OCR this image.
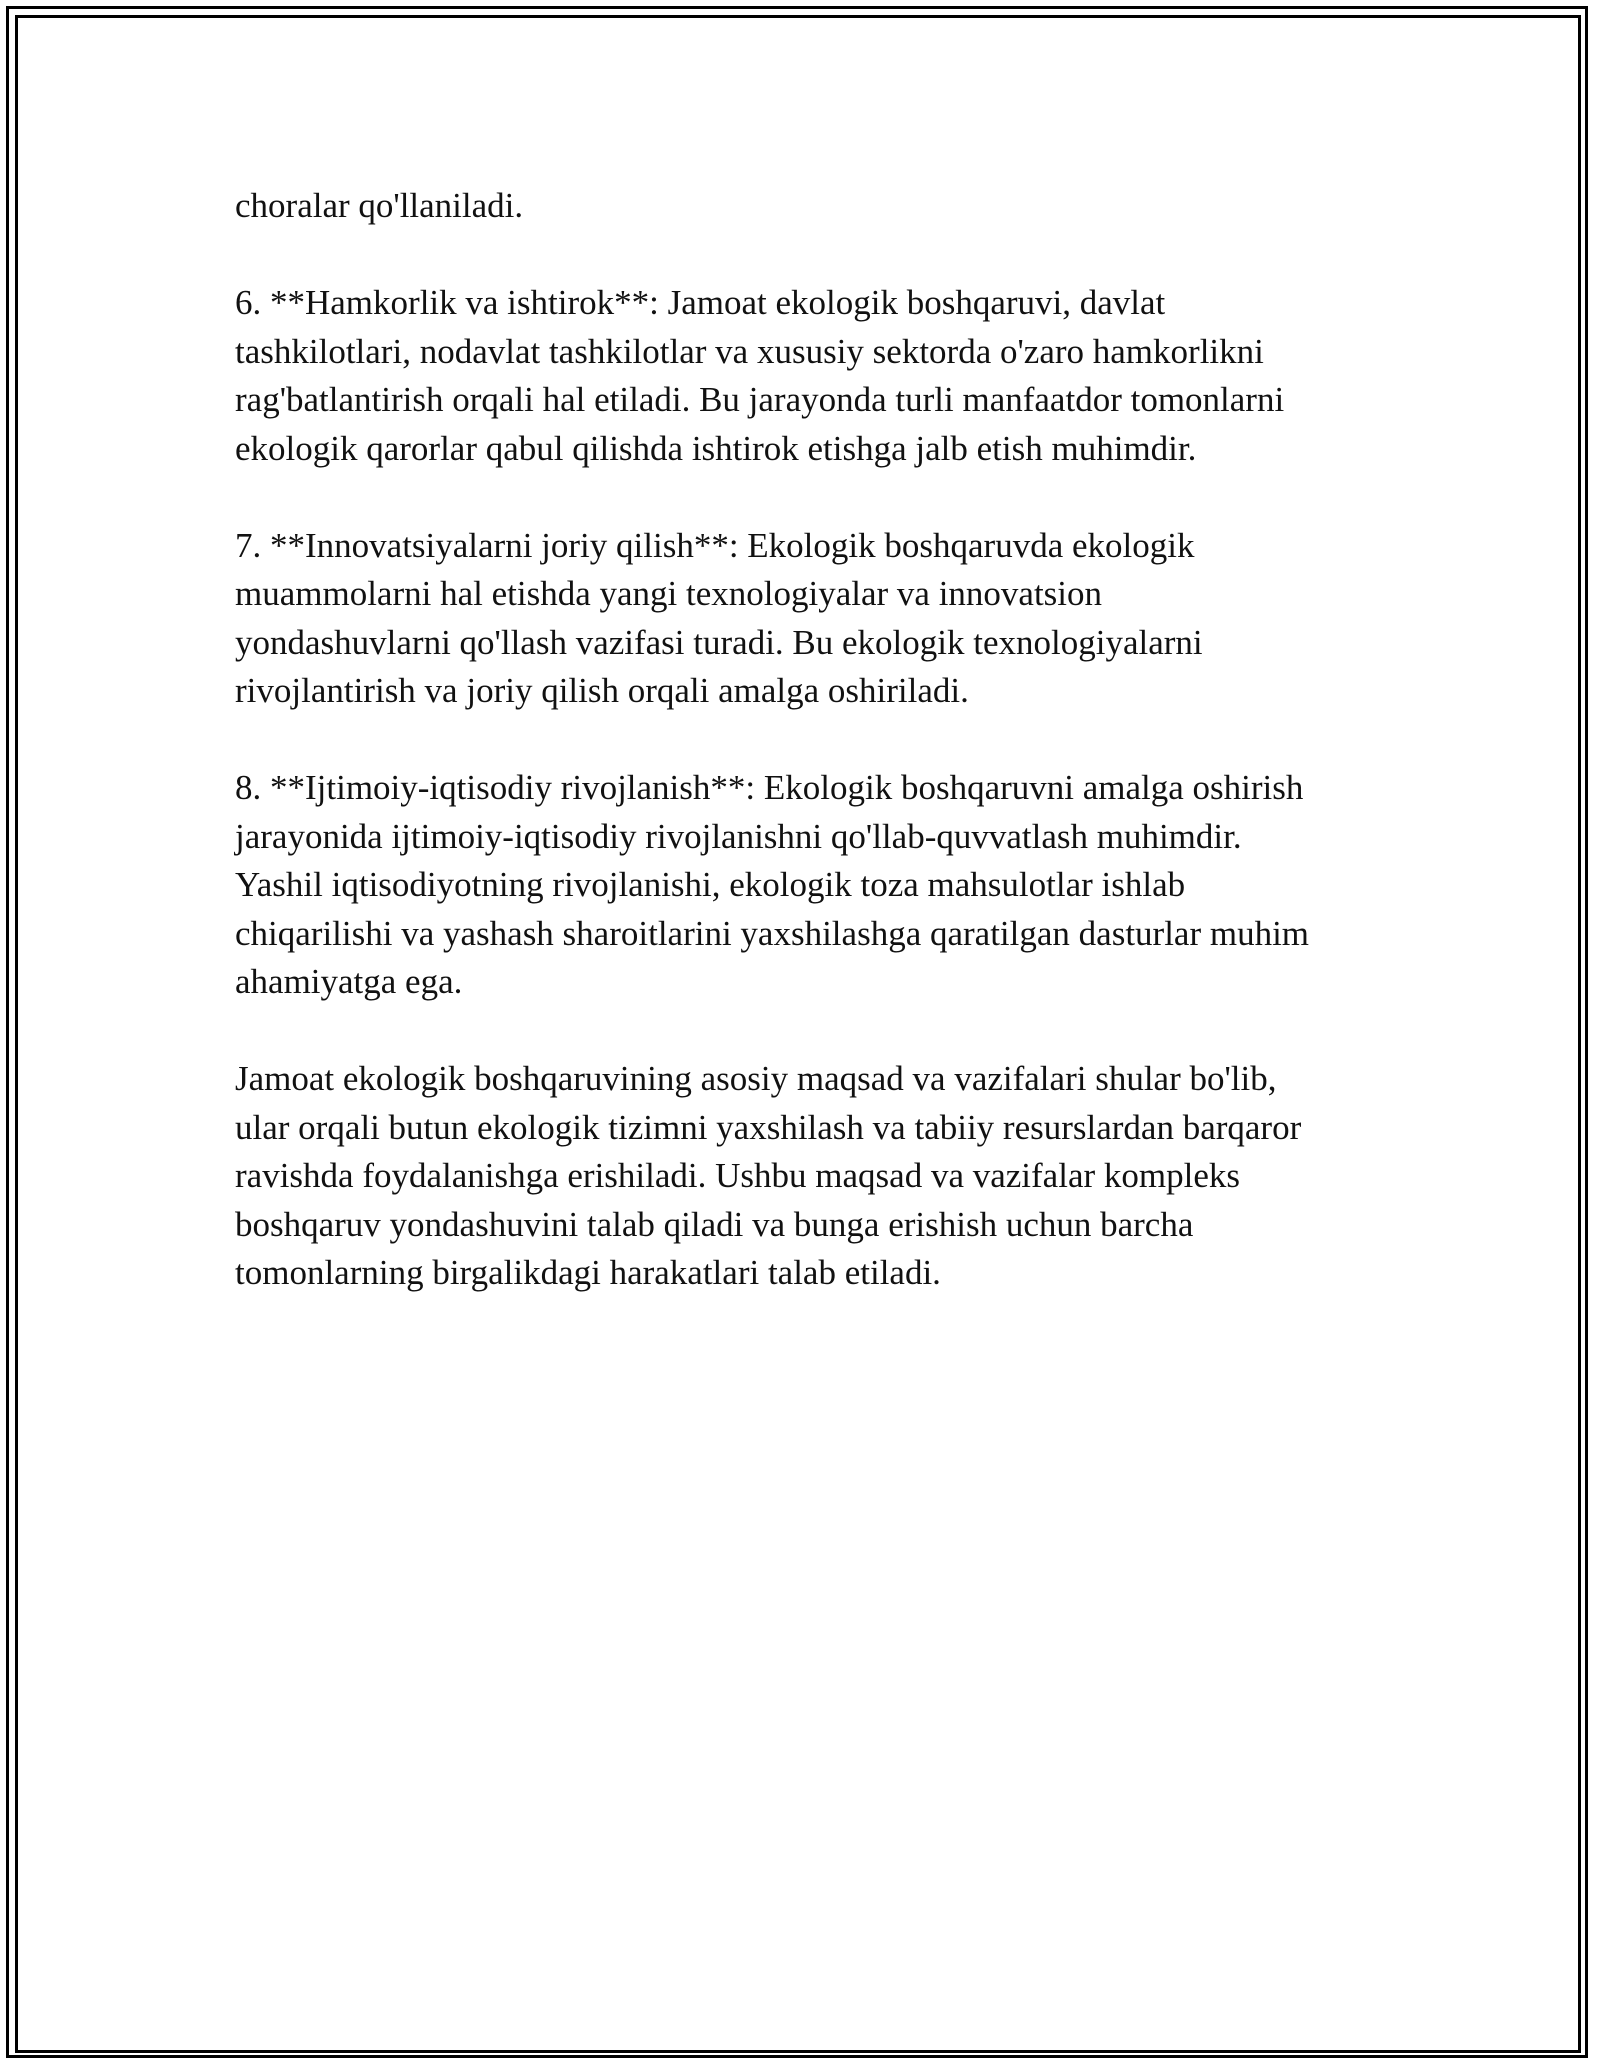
choralar qo'llaniladi.

6. **Hamkorlik va ishtirok**: Jamoat ekologik boshqaruvi, davlat
tashkilotlari, nodavlat tashkilotlar va xususiy sektorda o'zaro hamkorlikni
rag'batlantirish orqali hal etiladi. Bu jarayonda turli manfaatdor tomonlarni
ekologik qarorlar qabul qilishda ishtirok etishga jalb etish muhimdir.

7. **Innovatsiyalarni joriy qilish**: Ekologik boshqaruvda ekologik
muammolarni hal etishda yangi texnologiyalar va innovatsion
yondashuvlarni qo'llash vazifasi turadi. Bu ekologik texnologiyalarni
rivojlantirish va joriy qilish orqali amalga oshiriladi.

8. **Ijtimoiy-iqtisodiy rivojlanish**: Ekologik boshqaruvni amalga oshirish
jarayonida ijtimoiy-iqtisodiy rivojlanishni qo'llab-quvvatlash muhimdir.
Yashil iqtisodiyotning rivojlanishi, ekologik toza mahsulotlar ishlab
chiqarilishi va yashash sharoitlarini yaxshilashga qaratilgan dasturlar muhim
ahamiyatga ega.

Jamoat ekologik boshqaruvining asosiy maqsad va vazifalari shular bo'lib,
ular orqali butun ekologik tizimni yaxshilash va tabiiy resurslardan barqaror
ravishda foydalanishga erishiladi. Ushbu maqsad va vazifalar kompleks
boshqaruv yondashuvini talab qiladi va bunga erishish uchun barcha
tomonlarning birgalikdagi harakatlari talab etiladi.
